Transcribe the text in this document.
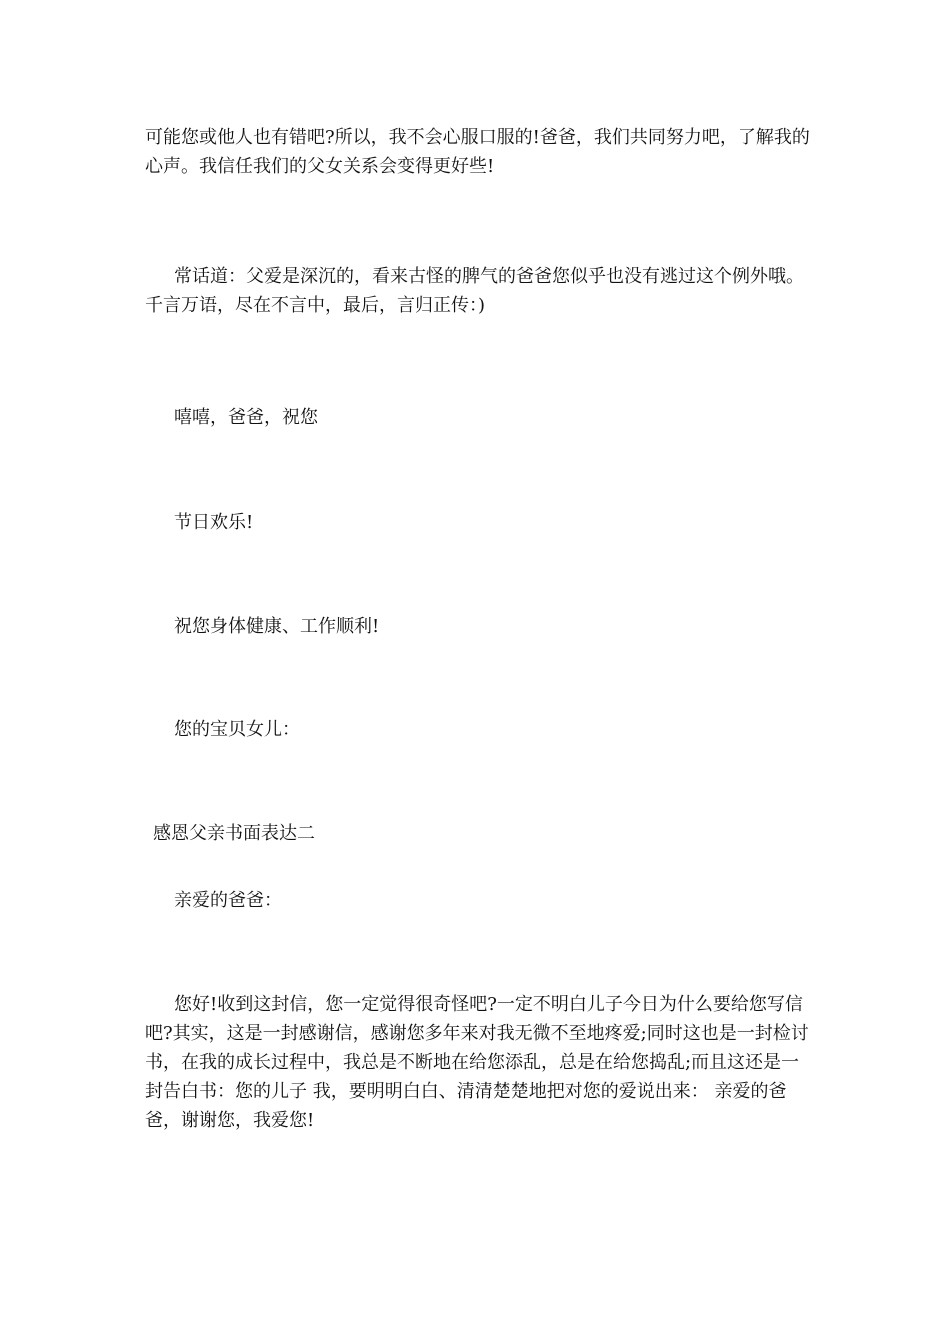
可能您或他人也有错吧?所以，我不会心服口服的!爸爸，我们共同努力吧，了解我的心声。我信任我们的父女关系会变得更好些!

常话道：父爱是深沉的，看来古怪的脾气的爸爸您似乎也没有逃过这个例外哦。千言万语，尽在不言中，最后，言归正传：)

嘻嘻，爸爸，祝您

节日欢乐!

祝您身体健康、工作顺利!

您的宝贝女儿：

感恩父亲书面表达二

亲爱的爸爸：

您好!收到这封信，您一定觉得很奇怪吧?一定不明白儿子今日为什么要给您写信吧?其实，这是一封感谢信，感谢您多年来对我无微不至地疼爱;同时这也是一封检讨书，在我的成长过程中，我总是不断地在给您添乱，总是在给您捣乱;而且这还是一封告白书：您的儿子 我，要明明白白、清清楚楚地把对您的爱说出来： 亲爱的爸爸，谢谢您，我爱您!
